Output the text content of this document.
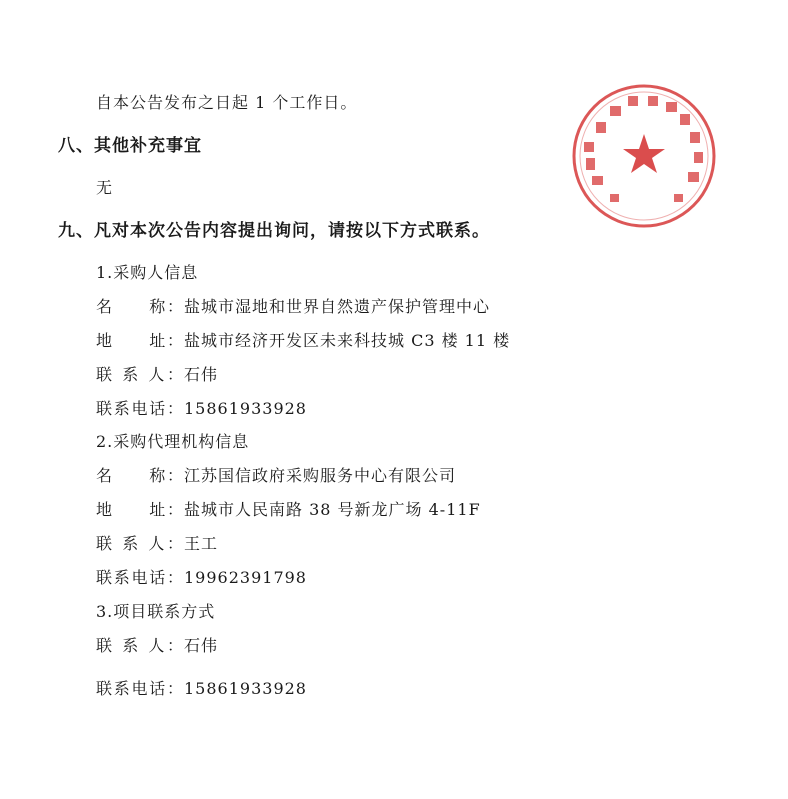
自本公告发布之日起 1 个工作日。
八、其他补充事宜
无
九、凡对本次公告内容提出询问，请按以下方式联系。
1.采购人信息
名　　称： 盐城市湿地和世界自然遗产保护管理中心
地　　址： 盐城市经济开发区未来科技城 C3 楼 11 楼
联 系 人： 石伟
联系电话： 15861933928
2.采购代理机构信息
名　　称： 江苏国信政府采购服务中心有限公司
地　　址： 盐城市人民南路 38 号新龙广场 4-11F
联 系 人： 王工
联系电话： 19962391798
3.项目联系方式
联 系 人： 石伟
联系电话： 15861933928
